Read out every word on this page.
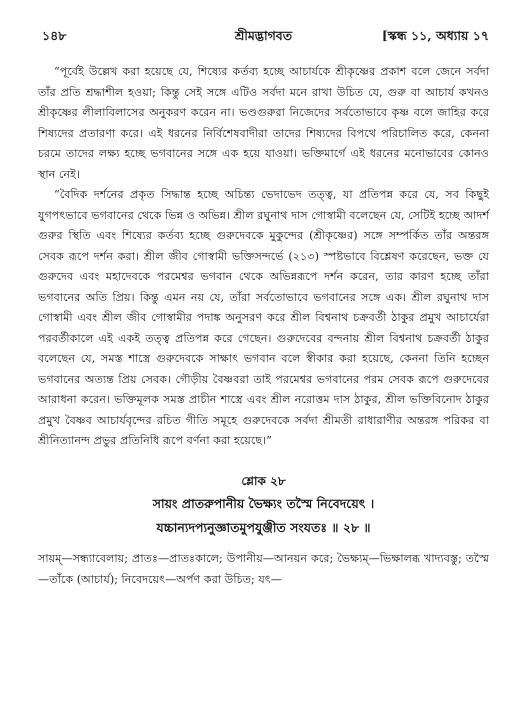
১৪৮	শ্রীমদ্ভাগবত	[স্কন্ধ ১১, অধ্যায় ১৭

“পূর্বেই উল্লেখ করা হয়েছে যে, শিষ্যের কর্তব্য হচ্ছে আচার্যকে শ্রীকৃষ্ণের প্রকাশ বলে জেনে সর্বদা তাঁর প্রতি শ্রদ্ধাশীল হওয়া; কিন্তু সেই সঙ্গে এটিও সর্বদা মনে রাখা উচিত যে, গুরু বা আচার্য কখনও শ্রীকৃষ্ণের লীলাবিলাসের অনুকরণ করেন না। ভণ্ডগুরুরা নিজেদের সর্বতোভাবে কৃষ্ণ বলে জাহির করে শিষ্যদের প্রতারণা করে। এই ধরনের নির্বিশেষবাদীরা তাদের শিষ্যদের বিপথে পরিচালিত করে, কেননা চরমে তাদের লক্ষ্য হচ্ছে ভগবানের সঙ্গে এক হয়ে যাওয়া। ভক্তিমার্গে এই ধরনের মনোভাবের কোনও স্থান নেই।

“বৈদিক দর্শনের প্রকৃত সিদ্ধান্ত হচ্ছে অচিন্ত্য ভেদাভেদ তত্ত্ব, যা প্রতিপন্ন করে যে, সব কিছুই যুগপৎভাবে ভগবানের থেকে ভিন্ন ও অভিন্ন। শ্রীল রঘুনাথ দাস গোস্বামী বলেছেন যে, সেটিই হচ্ছে আদর্শ গুরুর স্থিতি এবং শিষ্যের কর্তব্য হচ্ছে গুরুদেবকে মুকুন্দের (শ্রীকৃষ্ণের) সঙ্গে সম্পর্কিত তাঁর অন্তরঙ্গ সেবক রূপে দর্শন করা। শ্রীল জীব গোস্বামী ভক্তিসন্দর্ভে (২১৩) স্পষ্টভাবে বিশ্লেষণ করেছেন, ভক্ত যে গুরুদেব এবং মহাদেবকে পরমেশ্বর ভগবান থেকে অভিন্নরূপে দর্শন করেন, তার কারণ হচ্ছে তাঁরা ভগবানের অতি প্রিয়। কিন্তু এমন নয় যে, তাঁরা সর্বতোভাবে ভগবানের সঙ্গে এক। শ্রীল রঘুনাথ দাস গোস্বামী এবং শ্রীল জীব গোস্বামীর পদাঙ্ক অনুসরণ করে শ্রীল বিশ্বনাথ চক্রবর্তী ঠাকুর প্রমুখ আচার্যেরা পরবর্তীকালে এই একই তত্ত্ব প্রতিপন্ন করে গেছেন। গুরুদেবের বন্দনায় শ্রীল বিশ্বনাথ চক্রবর্তী ঠাকুর বলেছেন যে, সমস্ত শাস্ত্রে গুরুদেবকে সাক্ষাৎ ভগবান বলে স্বীকার করা হয়েছে, কেননা তিনি হচ্ছেন ভগবানের অত্যন্ত প্রিয় সেবক। গৌড়ীয় বৈষ্ণবরা তাই পরমেশ্বর ভগবানের পরম সেবক রূপে গুরুদেবের আরাধনা করেন। ভক্তিমূলক সমস্ত প্রাচীন শাস্ত্রে এবং শ্রীল নরোত্তম দাস ঠাকুর, শ্রীল ভক্তিবিনোদ ঠাকুর প্রমুখ বৈষ্ণব আচার্যবৃন্দের রচিত গীতি সমূহে গুরুদেবকে সর্বদা শ্রীমতী রাধারাণীর অন্তরঙ্গ পরিকর বা শ্রীনিত্যানন্দ প্রভুর প্রতিনিধি রূপে বর্ণনা করা হয়েছে।”

শ্লোক ২৮
সায়ং প্রাতরুপানীয় ভৈক্ষ্যং তস্মৈ নিবেদয়েৎ ।
যচ্চান্যদপ্যনুজ্ঞাতমুপযুঞ্জীত সংযতঃ ॥ ২৮ ॥
সায়ম্—সন্ধ্যাবেলায়; প্রাতঃ—প্রাতঃকালে; উপানীয়—আনয়ন করে; ভৈক্ষ্যম্—ভিক্ষালব্ধ খাদ্যবস্তু; তস্মৈ—তাঁকে (আচার্য); নিবেদয়েৎ—অর্পণ করা উচিত; যৎ—
